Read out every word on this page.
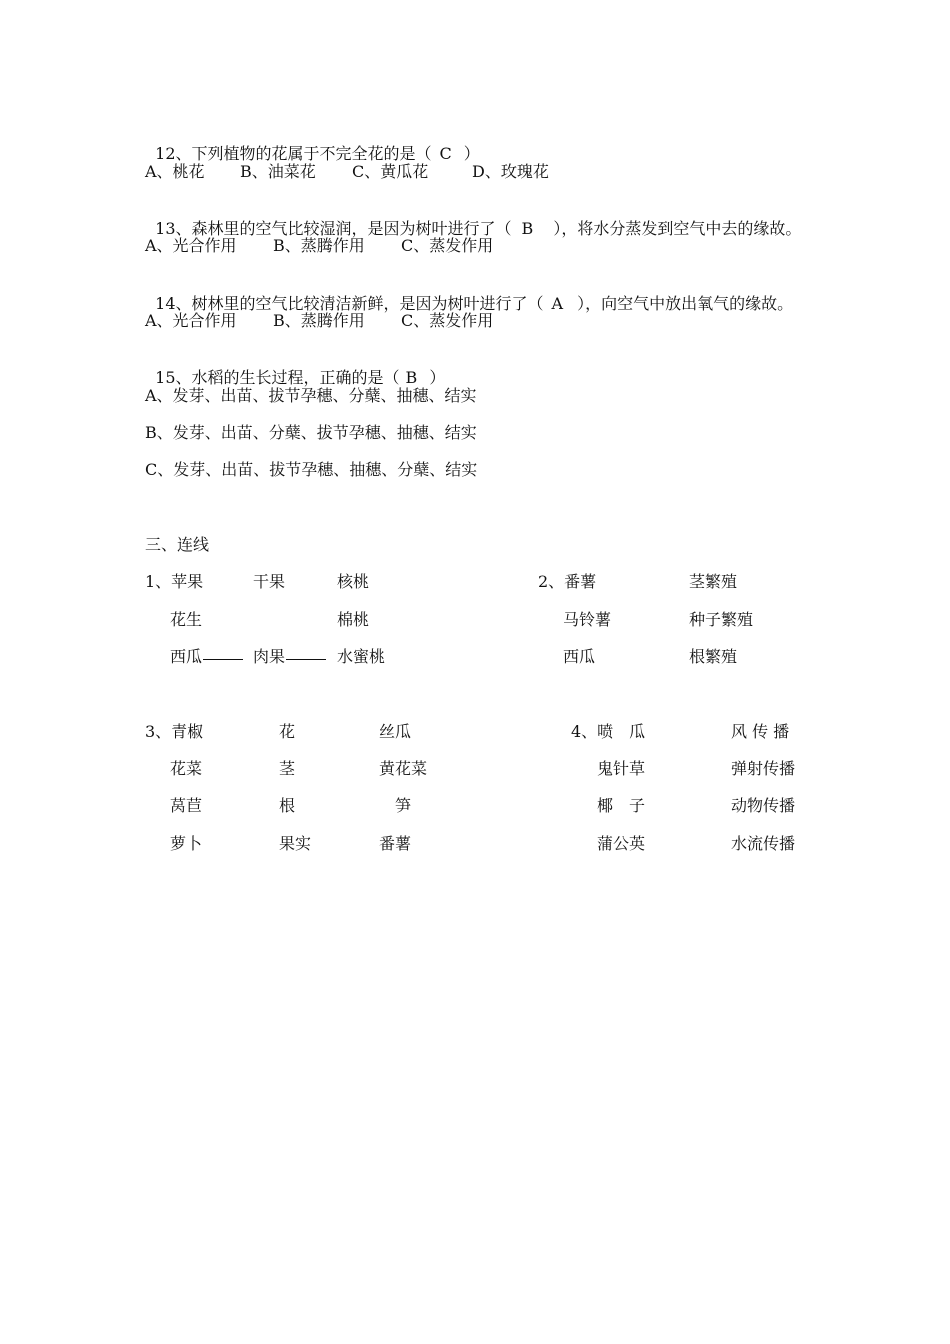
12、下列植物的花属于不完全花的是（ C ）

A、桃花 B、油菜花 C、黄瓜花	D、玫瑰花

13、森林里的空气比较湿润，是因为树叶进行了（ B ），将水分蒸发到空气中去的缘故。

A、光合作用 B、蒸腾作用 C、蒸发作用

14、树林里的空气比较清洁新鲜，是因为树叶进行了（ A ），向空气中放出氧气的缘故。

A、光合作用 B、蒸腾作用 C、蒸发作用

15、水稻的生长过程，正确的是（ B ）

A、发芽、出苗、拔节孕穗、分蘖、抽穗、结实
B、发芽、出苗、分蘖、拔节孕穗、抽穗、结实
C、发芽、出苗、拔节孕穗、抽穗、分蘖、结实
三、连线
1、苹果
花生
西瓜
干果
肉果
核桃
棉桃
水蜜桃
2、番薯
马铃薯
西瓜
茎繁殖
种子繁殖
根繁殖
3、青椒
花菜
莴苣
萝卜
花
茎
根
果实
丝瓜
黄花菜
笋
番薯
4、喷　瓜
鬼针草
椰　子
蒲公英
风 传 播
弹射传播
动物传播
水流传播
